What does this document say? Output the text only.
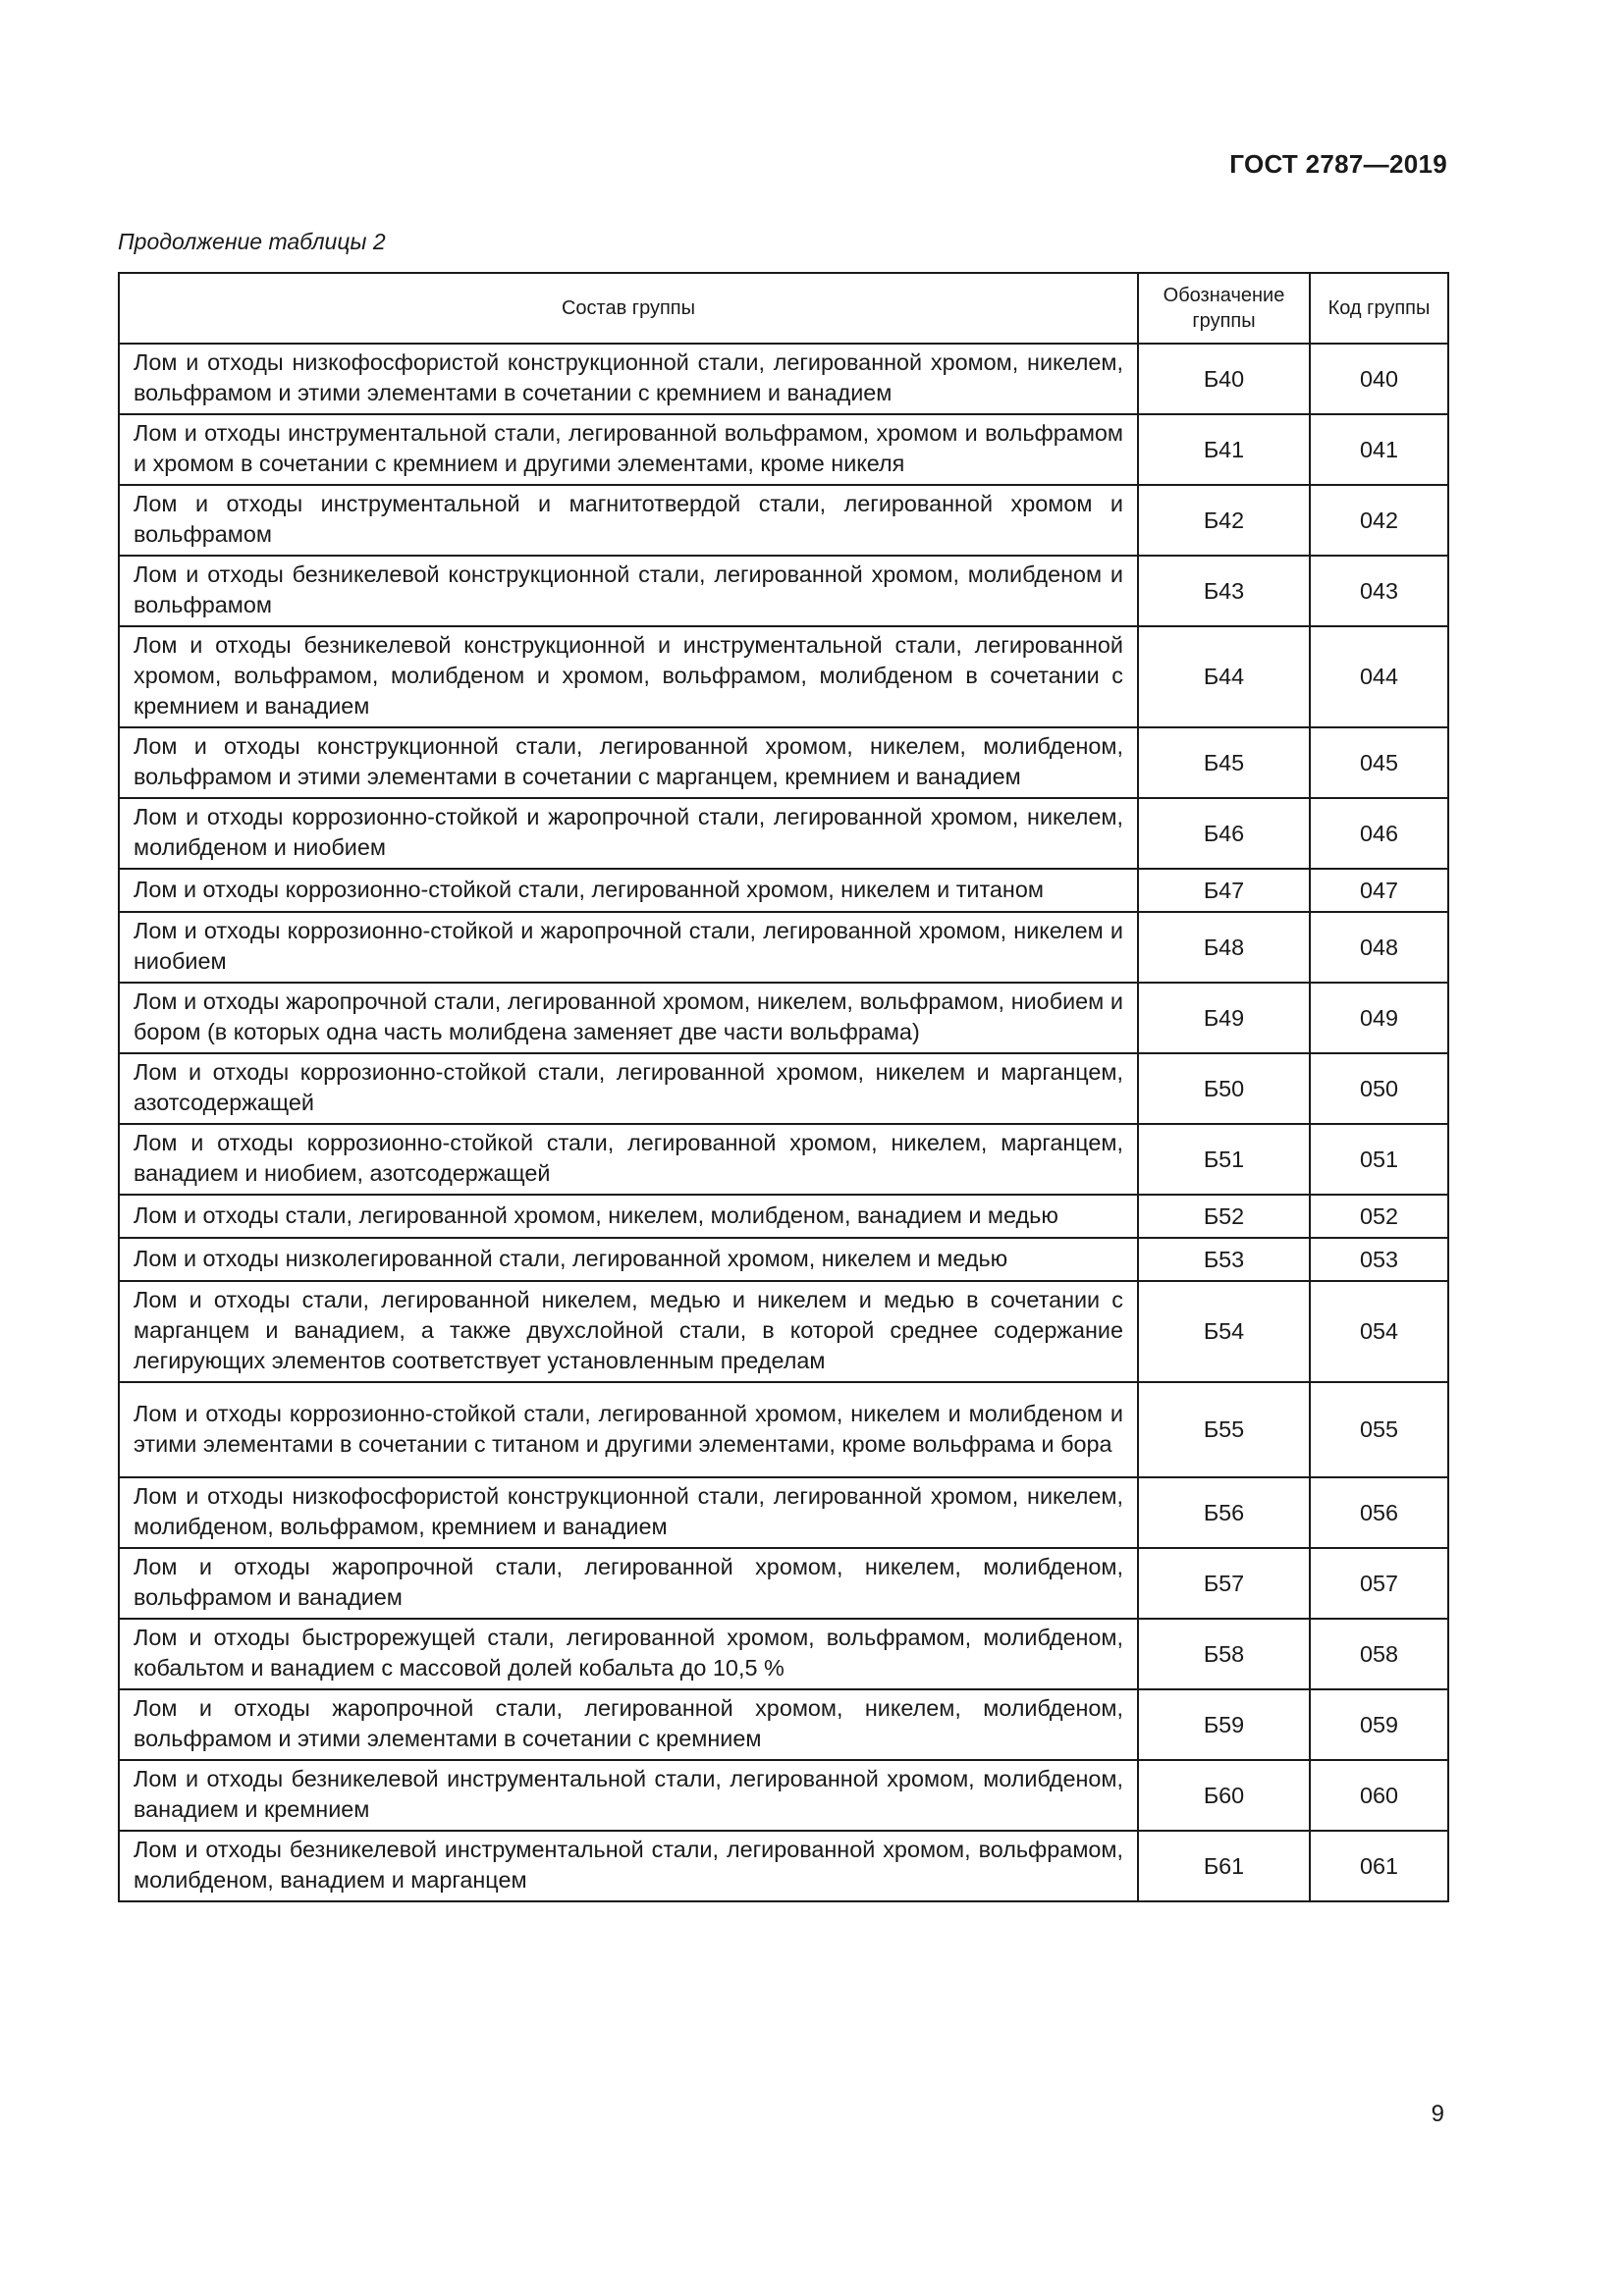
ГОСТ 2787—2019
Продолжение таблицы 2
Состав группы	Обозначение группы	Код группы
Лом и отходы низкофосфористой конструкционной стали, легированной хромом, никелем, вольфрамом и этими элементами в сочетании с кремнием и ванадием	Б40	040
Лом и отходы инструментальной стали, легированной вольфрамом, хромом и вольфрамом и хромом в сочетании с кремнием и другими элементами, кроме никеля	Б41	041
Лом и отходы инструментальной и магнитотвердой стали, легированной хромом и вольфрамом	Б42	042
Лом и отходы безникелевой конструкционной стали, легированной хромом, молибденом и вольфрамом	Б43	043
Лом и отходы безникелевой конструкционной и инструментальной стали, легированной хромом, вольфрамом, молибденом и хромом, вольфрамом, молибденом в сочетании с кремнием и ванадием	Б44	044
Лом и отходы конструкционной стали, легированной хромом, никелем, молибденом, вольфрамом и этими элементами в сочетании с марганцем, кремнием и ванадием	Б45	045
Лом и отходы коррозионно-стойкой и жаропрочной стали, легированной хромом, никелем, молибденом и ниобием	Б46	046
Лом и отходы коррозионно-стойкой стали, легированной хромом, никелем и титаном	Б47	047
Лом и отходы коррозионно-стойкой и жаропрочной стали, легированной хромом, никелем и ниобием	Б48	048
Лом и отходы жаропрочной стали, легированной хромом, никелем, вольфрамом, ниобием и бором (в которых одна часть молибдена заменяет две части вольфрама)	Б49	049
Лом и отходы коррозионно-стойкой стали, легированной хромом, никелем и марганцем, азотсодержащей	Б50	050
Лом и отходы коррозионно-стойкой стали, легированной хромом, никелем, марганцем, ванадием и ниобием, азотсодержащей	Б51	051
Лом и отходы стали, легированной хромом, никелем, молибденом, ванадием и медью	Б52	052
Лом и отходы низколегированной стали, легированной хромом, никелем и медью	Б53	053
Лом и отходы стали, легированной никелем, медью и никелем и медью в сочетании с марганцем и ванадием, а также двухслойной стали, в которой среднее содержание легирующих элементов соответствует установленным пределам	Б54	054
Лом и отходы коррозионно-стойкой стали, легированной хромом, никелем и молибденом и этими элементами в сочетании с титаном и другими элементами, кроме вольфрама и бора	Б55	055
Лом и отходы низкофосфористой конструкционной стали, легированной хромом, никелем, молибденом, вольфрамом, кремнием и ванадием	Б56	056
Лом и отходы жаропрочной стали, легированной хромом, никелем, молибденом, вольфрамом и ванадием	Б57	057
Лом и отходы быстрорежущей стали, легированной хромом, вольфрамом, молибденом, кобальтом и ванадием с массовой долей кобальта до 10,5 %	Б58	058
Лом и отходы жаропрочной стали, легированной хромом, никелем, молибденом, вольфрамом и этими элементами в сочетании с кремнием	Б59	059
Лом и отходы безникелевой инструментальной стали, легированной хромом, молибденом, ванадием и кремнием	Б60	060
Лом и отходы безникелевой инструментальной стали, легированной хромом, вольфрамом, молибденом, ванадием и марганцем	Б61	061
9
